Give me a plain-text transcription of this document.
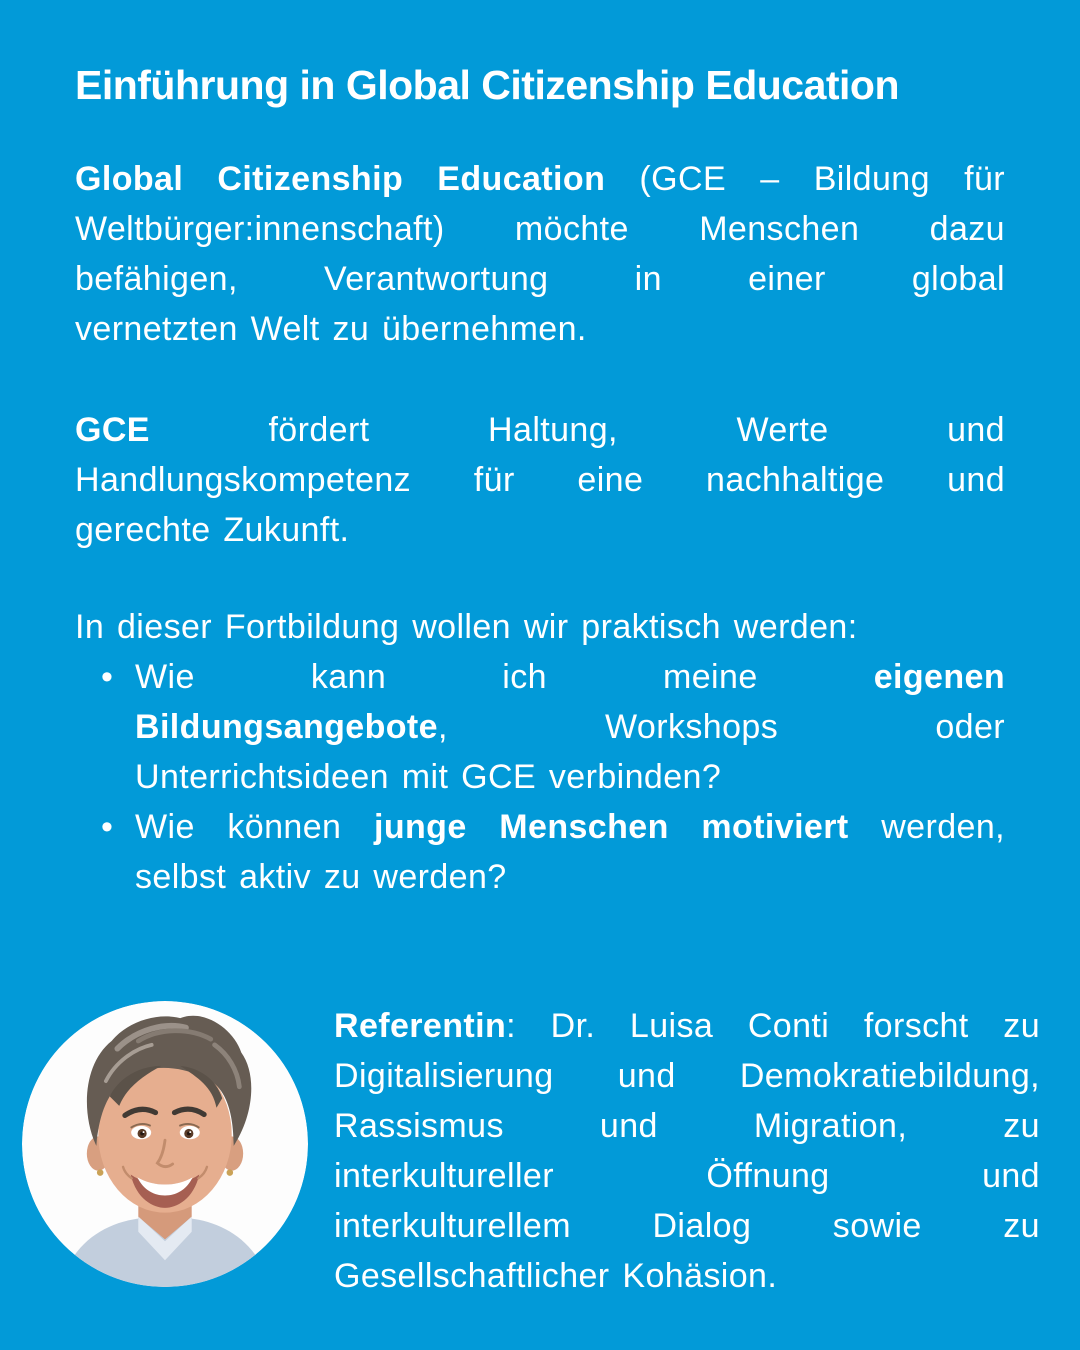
Einführung in Global Citizenship Education
Global Citizenship Education (GCE – Bildung für
Weltbürger:innenschaft) möchte Menschen dazu
befähigen, Verantwortung in einer global
vernetzten Welt zu übernehmen.
GCE fördert Haltung, Werte und
Handlungskompetenz für eine nachhaltige und
gerechte Zukunft.
In dieser Fortbildung wollen wir praktisch werden:
• Wie kann ich meine eigenen
Bildungsangebote, Workshops oder
Unterrichtsideen mit GCE verbinden?
• Wie können junge Menschen motiviert werden,
selbst aktiv zu werden?
Referentin: Dr. Luisa Conti forscht zu
Digitalisierung und Demokratiebildung,
Rassismus und Migration, zu
interkultureller Öffnung und
interkulturellem Dialog sowie zu
Gesellschaftlicher Kohäsion.
